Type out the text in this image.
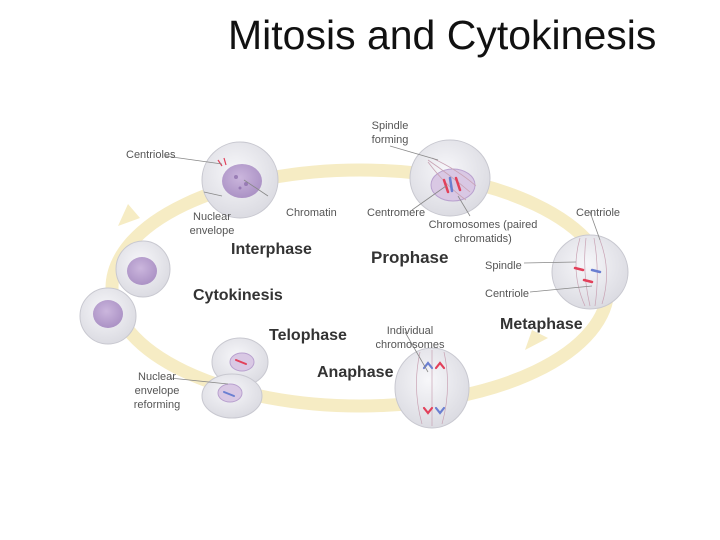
Mitosis and Cytokinesis
Interphase	Prophase
Metaphase
Anaphase
Telophase
Cytokinesis
Spindle
forming
Centrioles
Nuclear
envelope
Chromatin	Centromere
Chromosomes (paired
chromatids)
Centriole
Spindle
Centriole
Individual
chromosomes
Nuclear
envelope
reforming
